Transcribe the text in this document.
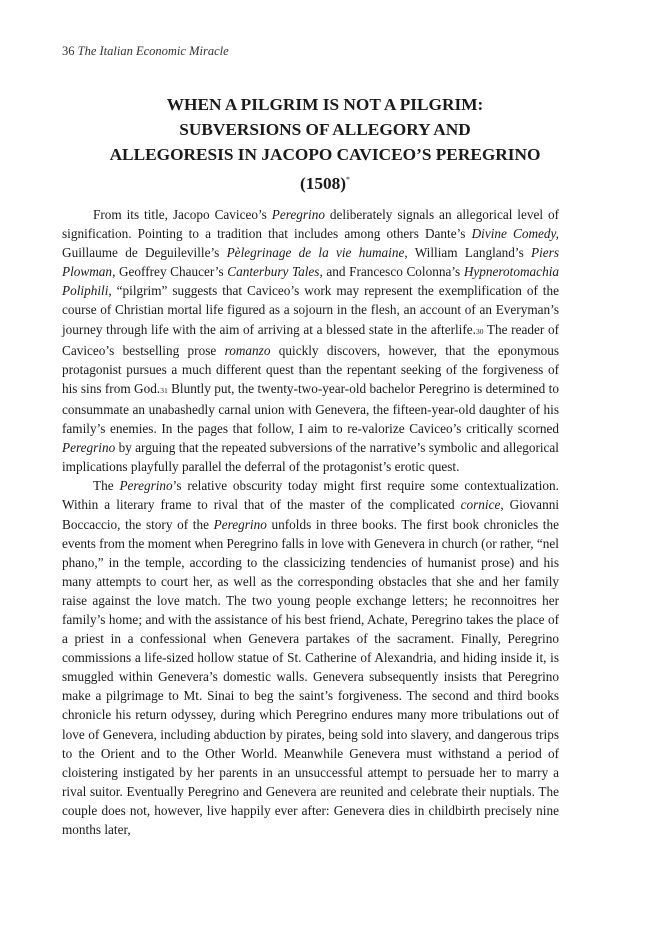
36 The Italian Economic Miracle
WHEN A PILGRIM IS NOT A PILGRIM:
SUBVERSIONS OF ALLEGORY AND
ALLEGORESIS IN JACOPO CAVICEO’S PEREGRINO
(1508)*

From its title, Jacopo Caviceo’s Peregrino deliberately signals an allegorical level of signification. Pointing to a tradition that includes among others Dante’s Divine Comedy, Guillaume de Deguileville’s Pèlegrinage de la vie humaine, William Langland’s Piers Plowman, Geoffrey Chaucer’s Canterbury Tales, and Francesco Colonna’s Hypnerotomachia Poliphili, “pilgrim” suggests that Caviceo’s work may represent the exemplification of the course of Christian mortal life figured as a sojourn in the flesh, an account of an Everyman’s journey through life with the aim of arriving at a blessed state in the afterlife.30 The reader of Caviceo’s bestselling prose romanzo quickly discovers, however, that the eponymous protagonist pursues a much different quest than the repentant seeking of the forgiveness of his sins from God.31 Bluntly put, the twenty-two-year-old bachelor Peregrino is determined to consummate an unabashedly carnal union with Genevera, the fifteen-year-old daughter of his family’s enemies. In the pages that follow, I aim to re-valorize Caviceo’s critically scorned Peregrino by arguing that the repeated subversions of the narrative’s symbolic and allegorical implications playfully parallel the deferral of the protagonist’s erotic quest.

The Peregrino’s relative obscurity today might first require some contextualization. Within a literary frame to rival that of the master of the complicated cornice, Giovanni Boccaccio, the story of the Peregrino unfolds in three books. The first book chronicles the events from the moment when Peregrino falls in love with Genevera in church (or rather, “nel phano,” in the temple, according to the classicizing tendencies of humanist prose) and his many attempts to court her, as well as the corresponding obstacles that she and her family raise against the love match. The two young people exchange letters; he reconnoitres her family’s home; and with the assistance of his best friend, Achate, Peregrino takes the place of a priest in a confessional when Genevera partakes of the sacrament. Finally, Peregrino commissions a life-sized hollow statue of St. Catherine of Alexandria, and hiding inside it, is smuggled within Genevera’s domestic walls. Genevera subsequently insists that Peregrino make a pilgrimage to Mt. Sinai to beg the saint’s forgiveness. The second and third books chronicle his return odyssey, during which Peregrino endures many more tribulations out of love of Genevera, including abduction by pirates, being sold into slavery, and dangerous trips to the Orient and to the Other World. Meanwhile Genevera must withstand a period of cloistering instigated by her parents in an unsuccessful attempt to persuade her to marry a rival suitor. Eventually Peregrino and Genevera are reunited and celebrate their nuptials. The couple does not, however, live happily ever after: Genevera dies in childbirth precisely nine months later,
